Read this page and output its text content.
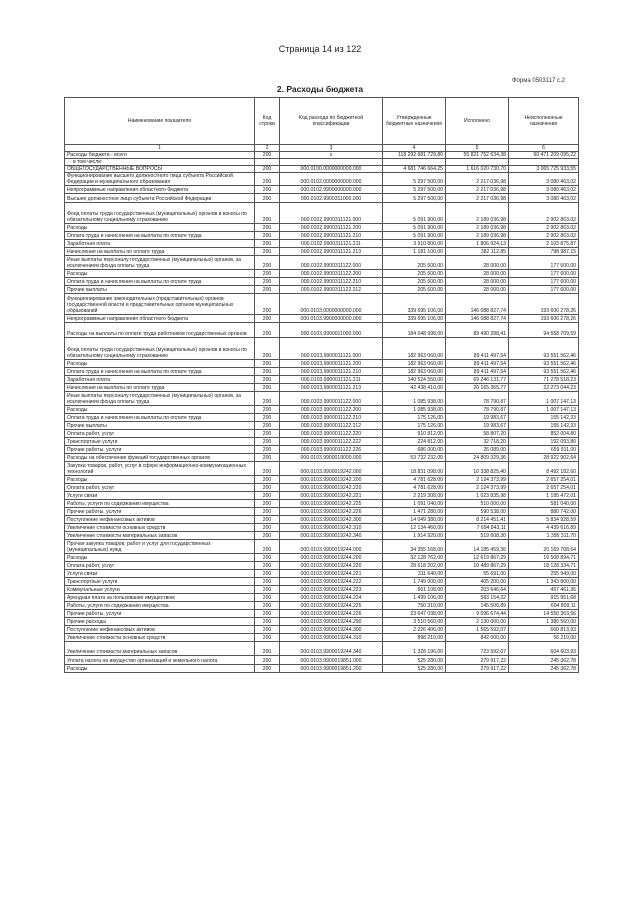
Страница 14 из 122
Форма 0503117 с.2
2. Расходы бюджета
Наименование показателя	Код строки	Код расхода по бюджетной классификации	Утвержденные бюджетные назначения	Исполнено	Неисполненные назначения
1	2	3	4	5	6
Расходы бюджета - всего	200	x	118 292 981 729,80	55 821 752 634,38	60 471 209 095,22
в том числе:					
ОБЩЕГОСУДАРСТВЕННЫЕ ВОПРОСЫ	200	000.0100.0000000000.000	4 681 746 664,25	1 616 020 730,70	3 065 725 933,55
Функционирование высшего должностного лица субъекта Российской Федерации и муниципального образования	200	000.0102.0000000000.000	5 297 500,00	2 217 036,98	3 080 463,02
Непрограммные направления областного бюджета	200	000.0102.9900000000.000	5 297 500,00	2 217 036,98	3 080 463,02
Высшее должностное лицо субъекта Российской Федерации	200	000.0102.9900311000.000	5 297 500,00	2 217 036,98	3 080 463,02
Фонд оплаты труда государственных (муниципальных) органов и взносы по обязательному социальному страхованию	200	000.0102.9900311121.000	5 091 900,00	2 189 036,98	2 902 863,02
Расходы	200	000.0102.9900311121.200	5 091 900,00	2 189 036,98	2 902 863,02
Оплата труда и начисления на выплаты по оплате труда	200	000.0102.9900311121.210	5 091 900,00	2 189 036,98	2 902 863,02
Заработная плата	200	000.0102.9900311121.211	3 910 800,00	1 806 924,13	2 103 875,87
Начисления на выплаты по оплате труда	200	000.0102.9900311121.213	1 181 100,00	382 112,85	798 987,15
Иные выплаты персоналу государственных (муниципальных) органов, за исключением фонда оплаты труда	200	000.0102.9900311122.000	205 600,00	28 000,00	177 600,00
Расходы	200	000.0102.9900311122.200	205 600,00	28 000,00	177 600,00
Оплата труда и начисления на выплаты по оплате труда	200	000.0102.9900311122.210	205 600,00	28 000,00	177 600,00
Прочие выплаты	200	000.0102.9900311122.212	205 600,00	28 000,00	177 600,00
Функционирование законодательных (представительных) органов государственной власти и представительных органов муниципальных образований	200	000.0103.0000000000.000	339 695 106,00	146 088 827,74	193 606 278,26
Непрограммные направления областного бюджета	200	000.0103.9900000000.000	339 695 106,00	146 088 827,74	193 606 278,26
Расходы на выплаты по оплате труда работников государственных органов	200	000.0103.9900011000.000	184 048 998,00	89 490 288,41	94 558 709,59
Фонд оплаты труда государственных (муниципальных) органов и взносы по обязательному социальному страхованию	200	000.0103.9900011121.000	182 963 060,00	89 411 497,54	93 551 562,46
Расходы	200	000.0103.9900011121.200	182 963 060,00	89 411 497,54	93 551 562,46
Оплата труда и начисления на выплаты по оплате труда	200	000.0103.9900011121.210	182 963 060,00	89 411 497,54	93 551 562,46
Заработная плата	200	000.0103.9900011121.211	140 524 550,00	69 246 131,77	71 278 518,23
Начисления на выплаты по оплате труда	200	000.0103.9900011121.213	42 438 410,00	20 165 365,77	22 273 044,23
Иные выплаты персоналу государственных (муниципальных) органов, за исключением фонда оплаты труда	200	000.0103.9900011122.000	1 085 938,00	78 790,87	1 007 147,13
Расходы	200	000.0103.9900011122.200	1 085 938,00	78 790,87	1 007 147,13
Оплата труда и начисления на выплаты по оплате труда	200	000.0103.9900011122.210	175 126,00	19 983,67	155 142,33
Прочие выплаты	200	000.0103.9900011122.212	175 126,00	19 983,67	155 142,33
Оплата работ, услуг	200	000.0103.9900011122.220	910 812,00	58 807,20	852 004,80
Транспортные услуги	200	000.0103.9900011122.222	224 812,00	32 718,20	192 093,80
Прочие работы, услуги	200	000.0103.9900011122.226	686 000,00	26 089,00	659 911,00
Расходы на обеспечение функций государственных органов	200	000.0103.9900019000.000	53 732 232,00	24 809 329,36	28 922 902,64
Закупка товаров, работ, услуг в сфере информационно-коммуникационных технологий	200	000.0103.9900019242.000	18 831 098,00	10 338 825,40	8 492 182,60
Расходы	200	000.0103.9900019242.200	4 781 628,00	2 124 373,99	2 657 254,01
Оплата работ, услуг	200	000.0103.9900019242.220	4 781 628,00	2 124 373,99	2 657 254,01
Услуги связи	200	000.0103.9900019242.221	2 219 308,00	1 023 835,98	1 195 472,01
Работы, услуги по содержанию имущества	200	000.0103.9900019242.225	1 091 040,00	510 000,00	581 040,00
Прочие работы, услуги	200	000.0103.9900019242.226	1 471 280,00	590 538,00	880 742,00
Поступление нефинансовых активов	200	000.0103.9900019242.300	14 049 380,00	8 214 451,41	5 834 928,59
Увеличение стоимости основных средств	200	000.0103.9900019242.310	12 134 460,00	7 694 843,11	4 439 616,89
Увеличение стоимости материальных запасов	200	000.0103.9900019242.340	1 914 920,00	519 608,30	1 395 311,70
Прочая закупка товаров, работ и услуг для государственных (муниципальных) нужд	200	000.0103.9900019244.000	34 355 168,00	14 185 459,36	20 169 708,64
Расходы	200	000.0103.9900019244.200	32 128 762,00	12 619 867,29	19 508 894,71
Оплата работ, услуг	200	000.0103.9900019244.220	28 618 202,00	10 489 867,29	18 128 334,71
Услуги связи	200	000.0103.9900019244.221	311 640,00	55 691,00	255 949,00
Транспортные услуги	200	000.0103.9900019244.222	1 749 000,00	405 200,00	1 343 800,00
Коммунальные услуги	200	000.0103.9900019244.223	661 108,00	203 646,64	457 461,36
Арендная плата за пользование имуществом	200	000.0103.9900019244.224	1 499 106,00	583 154,32	915 951,68
Работы, услуги по содержанию имущества	200	000.0103.9900019244.225	750 310,00	145 500,89	604 809,11
Прочие работы, услуги	200	000.0103.9900019244.226	23 647 038,00	9 096 674,44	14 550 363,56
Прочие расходы	200	000.0103.9900019244.290	3 510 560,00	2 130 000,00	1 380 560,00
Поступление нефинансовых активов	200	000.0103.9900019244.300	2 226 406,00	1 565 592,07	660 813,93
Увеличение стоимости основных средств	200	000.0103.9900019244.310	898 210,00	842 000,00	56 210,00
Увеличение стоимости материальных запасов	200	000.0103.9900019244.340	1 328 196,00	723 592,07	604 603,93
Уплата налога на имущество организаций и земельного налога	200	000.0103.9900019851.000	525 280,00	279 917,22	245 362,78
Расходы	200	000.0103.9900019851.200	525 280,00	279 917,22	245 362,78
